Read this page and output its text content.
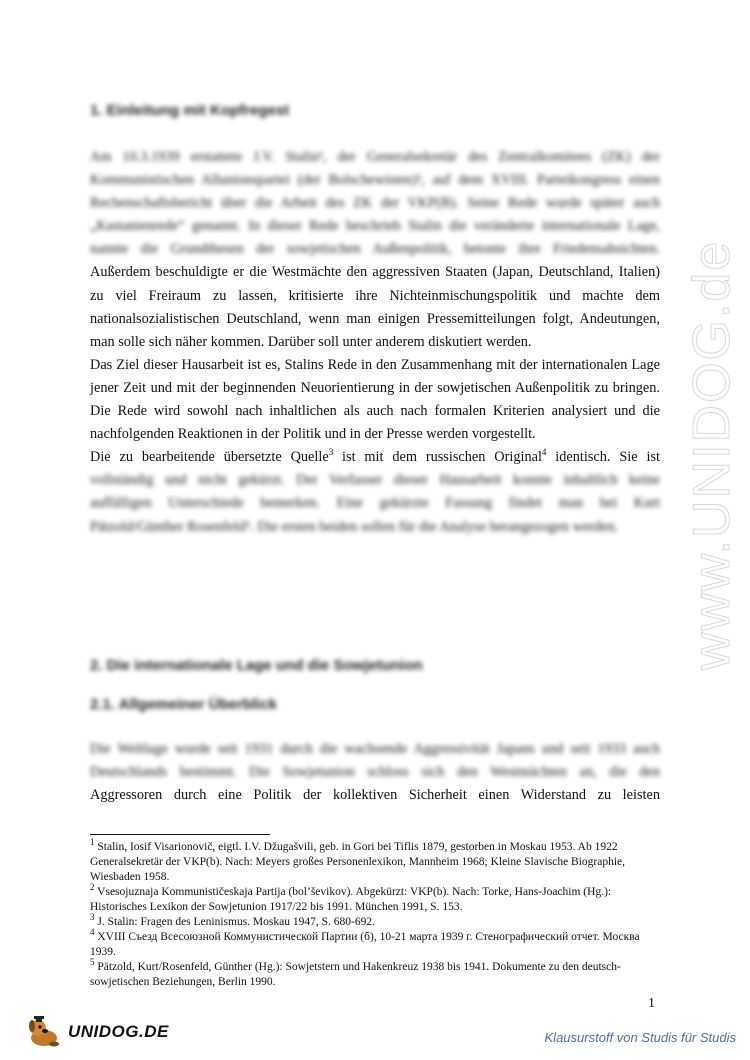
www.UNIDOG.de
1. Einleitung mit Kopfregest
Am 10.3.1939 erstattete J.V. Stalin¹, der Generalsekretär des Zentralkomitees (ZK) der
Kommunistischen Allunionspartei (der Bolschewisten)², auf dem XVIII. Parteikongress einen
Rechenschaftsbericht über die Arbeit des ZK der VKP(B). Seine Rede wurde später auch
„Kastanienrede“ genannt. In dieser Rede beschrieb Stalin die veränderte internationale Lage,
nannte die Grundthesen der sowjetischen Außenpolitik, betonte ihre Friedensabsichten.

Außerdem beschuldigte er die Westmächte den aggressiven Staaten (Japan, Deutschland, Italien) zu viel Freiraum zu lassen, kritisierte ihre Nichteinmischungspolitik und machte dem nationalsozialistischen Deutschland, wenn man einigen Pressemitteilungen folgt, Andeutungen, man solle sich näher kommen. Darüber soll unter anderem diskutiert werden.

Das Ziel dieser Hausarbeit ist es, Stalins Rede in den Zusammenhang mit der internationalen Lage jener Zeit und mit der beginnenden Neuorientierung in der sowjetischen Außenpolitik zu bringen. Die Rede wird sowohl nach inhaltlichen als auch nach formalen Kriterien analysiert und die nachfolgenden Reaktionen in der Politik und in der Presse werden vorgestellt.

Die zu bearbeitende übersetzte Quelle$^3$ ist mit dem russischen Original$^4$ identisch. Sie ist

vollständig und nicht gekürzt. Der Verfasser dieser Hausarbeit konnte inhaltlich keine
auffälligen Unterschiede bemerken. Eine gekürzte Fassung findet man bei Kurt
Pätzold/Günther Rosenfeld⁵. Die ersten beiden sollen für die Analyse herangezogen werden.
2. Die internationale Lage und die Sowjetunion
2.1. Allgemeiner Überblick
Die Weltlage wurde seit 1931 durch die wachsende Aggressivität Japans und seit 1933 auch
Deutschlands bestimmt. Die Sowjetunion schloss sich den Westmächten an, die den

Aggressoren durch eine Politik der kollektiven Sicherheit einen Widerstand zu leisten

$^1$ Stalin, Iosif Visarionovič, eigtl. I.V. Džugašvili, geb. in Gori bei Tiflis 1879, gestorben in Moskau 1953. Ab 1922 Generalsekretär der VKP(b). Nach: Meyers großes Personenlexikon, Mannheim 1968; Kleine Slavische Biographie, Wiesbaden 1958.
$^2$ Vsesojuznaja Kommunističeskaja Partija (bol’ševikov). Abgekürzt: VKP(b). Nach: Torke, Hans-Joachim (Hg.): Historisches Lexikon der Sowjetunion 1917/22 bis 1991. München 1991, S. 153.
$^3$ J. Stalin: Fragen des Leninismus. Moskau 1947, S. 680-692.
$^4$ XVIII Съезд Всесоюзной Коммунистической Партии (б), 10-21 марта 1939 г. Стенографический отчет. Москва 1939.
$^5$ Pätzold, Kurt/Rosenfeld, Günther (Hg.): Sowjetstern und Hakenkreuz 1938 bis 1941. Dokumente zu den deutsch-sowjetischen Beziehungen, Berlin 1990.
1
UNIDOG.DE	Klausurstoff von Studis für Studis
